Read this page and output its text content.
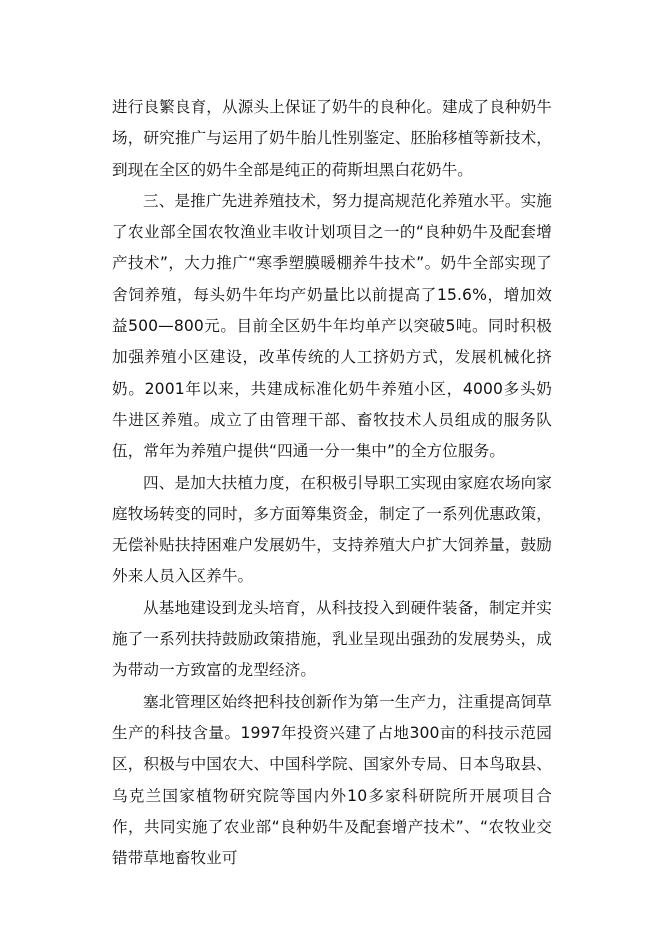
进行良繁良育，从源头上保证了奶牛的良种化。建成了良种奶牛场，研究推广与运用了奶牛胎儿性别鉴定、胚胎移植等新技术，到现在全区的奶牛全部是纯正的荷斯坦黑白花奶牛。

三、是推广先进养殖技术，努力提高规范化养殖水平。实施了农业部全国农牧渔业丰收计划项目之一的“良种奶牛及配套增产技术”，大力推广“寒季塑膜暖棚养牛技术”。奶牛全部实现了舍饲养殖，每头奶牛年均产奶量比以前提高了15.6%，增加效益500—800元。目前全区奶牛年均单产以突破5吨。同时积极加强养殖小区建设，改革传统的人工挤奶方式，发展机械化挤奶。2001年以来，共建成标准化奶牛养殖小区，4000多头奶牛进区养殖。成立了由管理干部、畜牧技术人员组成的服务队伍，常年为养殖户提供“四通一分一集中”的全方位服务。

四、是加大扶植力度，在积极引导职工实现由家庭农场向家庭牧场转变的同时，多方面筹集资金，制定了一系列优惠政策，无偿补贴扶持困难户发展奶牛，支持养殖大户扩大饲养量，鼓励外来人员入区养牛。

从基地建设到龙头培育，从科技投入到硬件装备，制定并实施了一系列扶持鼓励政策措施，乳业呈现出强劲的发展势头，成为带动一方致富的龙型经济。

塞北管理区始终把科技创新作为第一生产力，注重提高饲草生产的科技含量。1997年投资兴建了占地300亩的科技示范园区，积极与中国农大、中国科学院、国家外专局、日本鸟取县、乌克兰国家植物研究院等国内外10多家科研院所开展项目合作，共同实施了农业部“良种奶牛及配套增产技术”、“农牧业交错带草地畜牧业可
